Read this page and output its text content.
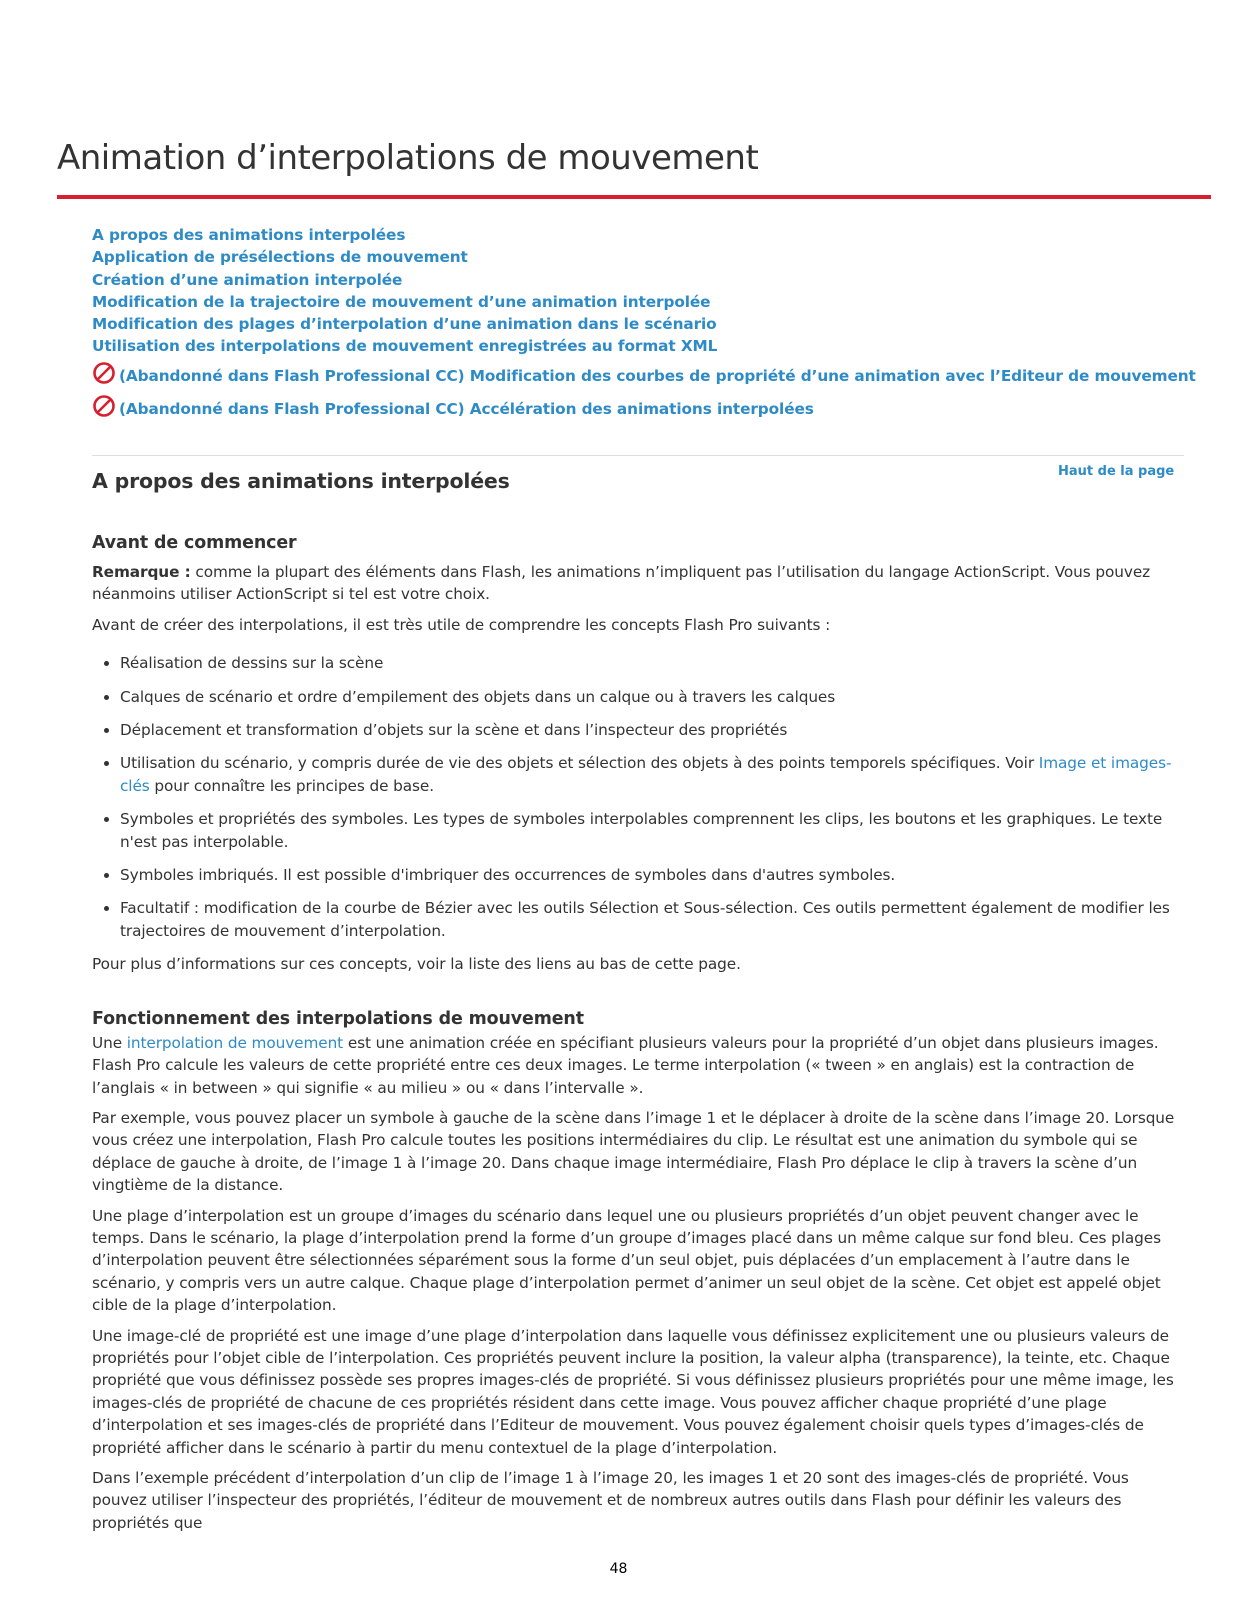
Animation d’interpolations de mouvement
A propos des animations interpolées
Application de présélections de mouvement
Création d’une animation interpolée
Modification de la trajectoire de mouvement d’une animation interpolée
Modification des plages d’interpolation d’une animation dans le scénario
Utilisation des interpolations de mouvement enregistrées au format XML
(Abandonné dans Flash Professional CC) Modification des courbes de propriété d’une animation avec l’Editeur de mouvement
(Abandonné dans Flash Professional CC) Accélération des animations interpolées
Haut de la page
A propos des animations interpolées
Avant de commencer

Remarque : comme la plupart des éléments dans Flash, les animations n’impliquent pas l’utilisation du langage ActionScript. Vous pouvez néanmoins utiliser ActionScript si tel est votre choix.

Avant de créer des interpolations, il est très utile de comprendre les concepts Flash Pro suivants :

• Réalisation de dessins sur la scène
• Calques de scénario et ordre d’empilement des objets dans un calque ou à travers les calques
• Déplacement et transformation d’objets sur la scène et dans l’inspecteur des propriétés
• Utilisation du scénario, y compris durée de vie des objets et sélection des objets à des points temporels spécifiques. Voir Image et images-clés pour connaître les principes de base.
• Symboles et propriétés des symboles. Les types de symboles interpolables comprennent les clips, les boutons et les graphiques. Le texte n'est pas interpolable.
• Symboles imbriqués. Il est possible d'imbriquer des occurrences de symboles dans d'autres symboles.
• Facultatif : modification de la courbe de Bézier avec les outils Sélection et Sous-sélection. Ces outils permettent également de modifier les trajectoires de mouvement d’interpolation.

Pour plus d’informations sur ces concepts, voir la liste des liens au bas de cette page.

Fonctionnement des interpolations de mouvement

Une interpolation de mouvement est une animation créée en spécifiant plusieurs valeurs pour la propriété d’un objet dans plusieurs images. Flash Pro calcule les valeurs de cette propriété entre ces deux images. Le terme interpolation (« tween » en anglais) est la contraction de l’anglais « in between » qui signifie « au milieu » ou « dans l’intervalle ».

Par exemple, vous pouvez placer un symbole à gauche de la scène dans l’image 1 et le déplacer à droite de la scène dans l’image 20. Lorsque vous créez une interpolation, Flash Pro calcule toutes les positions intermédiaires du clip. Le résultat est une animation du symbole qui se déplace de gauche à droite, de l’image 1 à l’image 20. Dans chaque image intermédiaire, Flash Pro déplace le clip à travers la scène d’un vingtième de la distance.

Une plage d’interpolation est un groupe d’images du scénario dans lequel une ou plusieurs propriétés d’un objet peuvent changer avec le temps. Dans le scénario, la plage d’interpolation prend la forme d’un groupe d’images placé dans un même calque sur fond bleu. Ces plages d’interpolation peuvent être sélectionnées séparément sous la forme d’un seul objet, puis déplacées d’un emplacement à l’autre dans le scénario, y compris vers un autre calque. Chaque plage d’interpolation permet d’animer un seul objet de la scène. Cet objet est appelé objet cible de la plage d’interpolation.

Une image-clé de propriété est une image d’une plage d’interpolation dans laquelle vous définissez explicitement une ou plusieurs valeurs de propriétés pour l’objet cible de l’interpolation. Ces propriétés peuvent inclure la position, la valeur alpha (transparence), la teinte, etc. Chaque propriété que vous définissez possède ses propres images-clés de propriété. Si vous définissez plusieurs propriétés pour une même image, les images-clés de propriété de chacune de ces propriétés résident dans cette image. Vous pouvez afficher chaque propriété d’une plage d’interpolation et ses images-clés de propriété dans l’Editeur de mouvement. Vous pouvez également choisir quels types d’images-clés de propriété afficher dans le scénario à partir du menu contextuel de la plage d’interpolation.

Dans l’exemple précédent d’interpolation d’un clip de l’image 1 à l’image 20, les images 1 et 20 sont des images-clés de propriété. Vous pouvez utiliser l’inspecteur des propriétés, l’éditeur de mouvement et de nombreux autres outils dans Flash pour définir les valeurs des propriétés que

48
